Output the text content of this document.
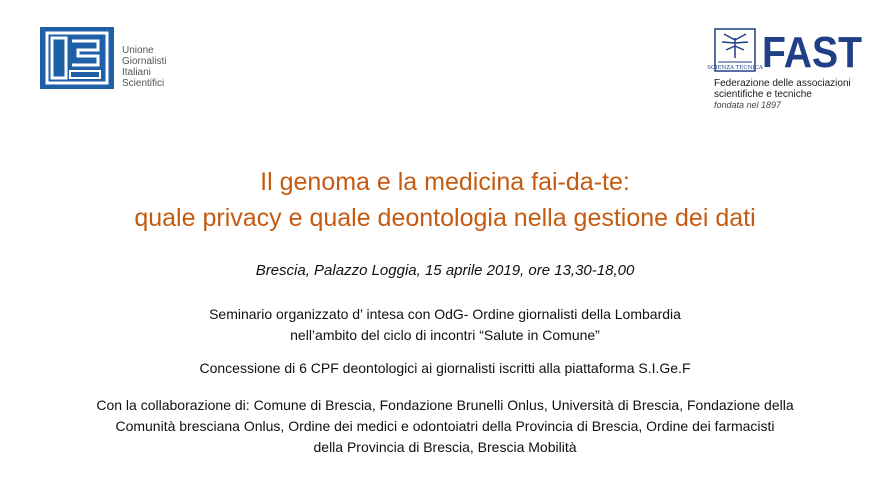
Unione
Giornalisti
Italiani
Scientifici
SCIENZA TECNICA FAST
Federazione delle associazioni
scientifiche e tecniche
fondata nel 1897
Il genoma e la medicina fai-da-te:
quale privacy e quale deontologia nella gestione dei dati
Brescia, Palazzo Loggia, 15 aprile 2019, ore 13,30-18,00
Seminario organizzato d’ intesa con OdG- Ordine giornalisti della Lombardia
nell’ambito del ciclo di incontri “Salute in Comune”
Concessione di 6 CPF deontologici ai giornalisti iscritti alla piattaforma S.I.Ge.F
Con la collaborazione di: Comune di Brescia, Fondazione Brunelli Onlus, Università di Brescia, Fondazione della
Comunità bresciana Onlus, Ordine dei medici e odontoiatri della Provincia di Brescia, Ordine dei farmacisti
della Provincia di Brescia, Brescia Mobilità
